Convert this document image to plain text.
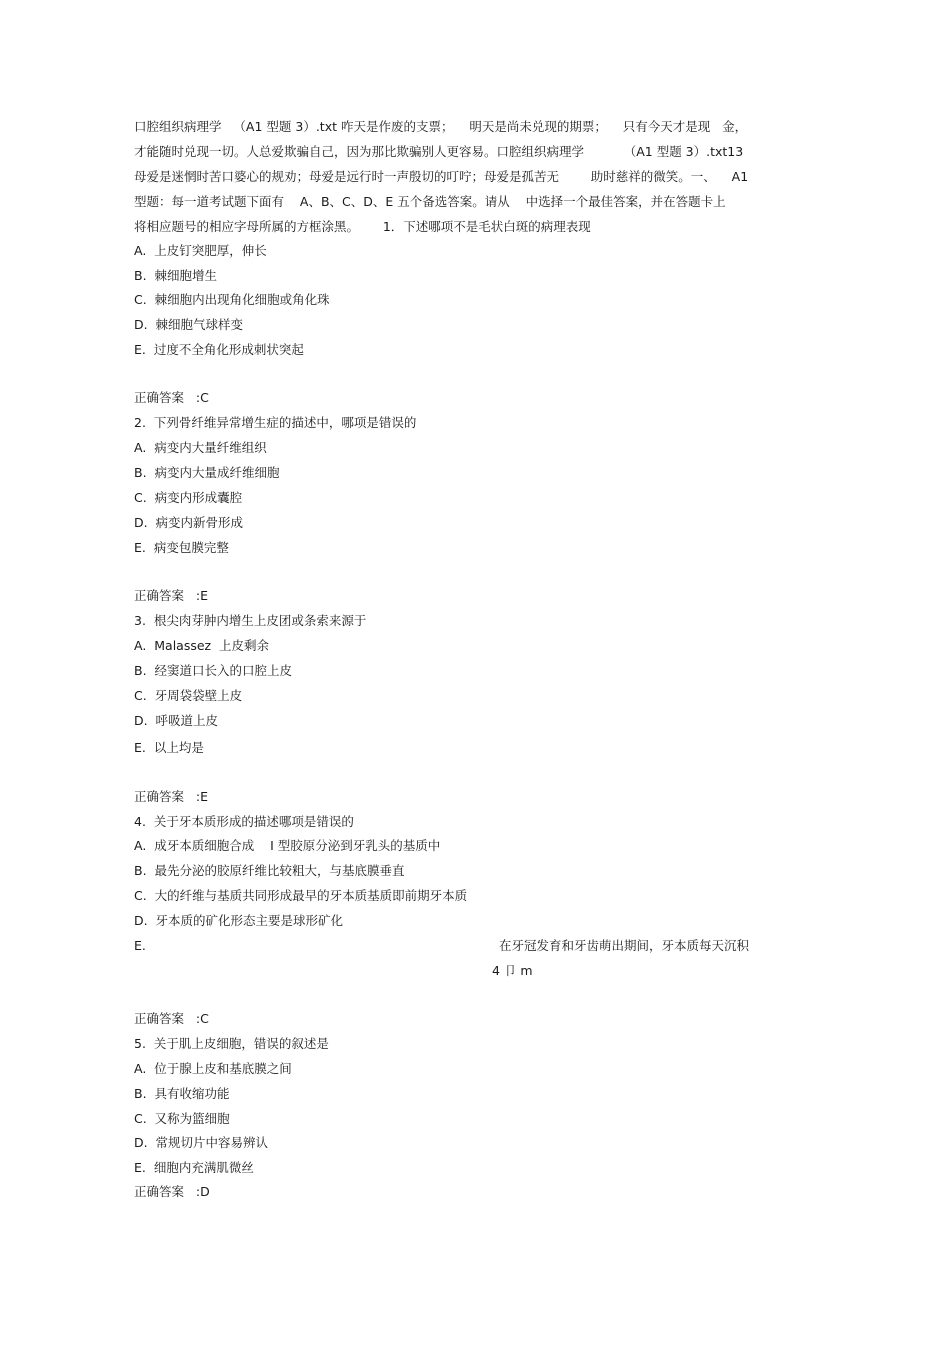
口腔组织病理学   （A1 型题 3）.txt 咋天是作废的支票；    明天是尚未兑现的期票；    只有今天才是现   金，
才能随时兑现一切。人总爱欺骗自己，因为那比欺骗别人更容易。口腔组织病理学          （A1 型题 3）.txt13
母爱是迷惘时苦口婆心的规劝；母爱是远行时一声殷切的叮咛；母爱是孤苦无        助时慈祥的微笑。一、    A1
型题：每一道考试题下面有    A、B、C、D、E 五个备选答案。请从    中选择一个最佳答案，并在答题卡上
将相应题号的相应字母所属的方框涂黑。      1．下述哪项不是毛状白斑的病理表现
A.  上皮钉突肥厚，伸长
B.  棘细胞增生
C.  棘细胞内出现角化细胞或角化珠
D.  棘细胞气球样变
E.  过度不全角化形成刺状突起
正确答案   :C
2.  下列骨纤维异常增生症的描述中，哪项是错误的
A.  病变内大量纤维组织
B.  病变内大量成纤维细胞
C.  病变内形成囊腔
D.  病变内新骨形成
E.  病变包膜完整
正确答案   :E
3.  根尖肉芽肿内增生上皮团或条索来源于
A.  Malassez  上皮剩余
B.  经窦道口长入的口腔上皮
C.  牙周袋袋壁上皮
D.  呼吸道上皮
E.  以上均是
正确答案   :E
4.  关于牙本质形成的描述哪项是错误的
A.  成牙本质细胞合成    I 型胶原分泌到牙乳头的基质中
B.  最先分泌的胶原纤维比较粗大，与基底膜垂直
C.  大的纤维与基质共同形成最早的牙本质基质即前期牙本质
D.  牙本质的矿化形态主要是球形矿化
E.	在牙冠发育和牙齿萌出期间，牙本质每天沉积
4 卩 m
正确答案   :C
5.  关于肌上皮细胞，错误的叙述是
A.  位于腺上皮和基底膜之间
B.  具有收缩功能
C.  又称为篮细胞
D.  常规切片中容易辨认
E.  细胞内充满肌微丝
正确答案   :D
